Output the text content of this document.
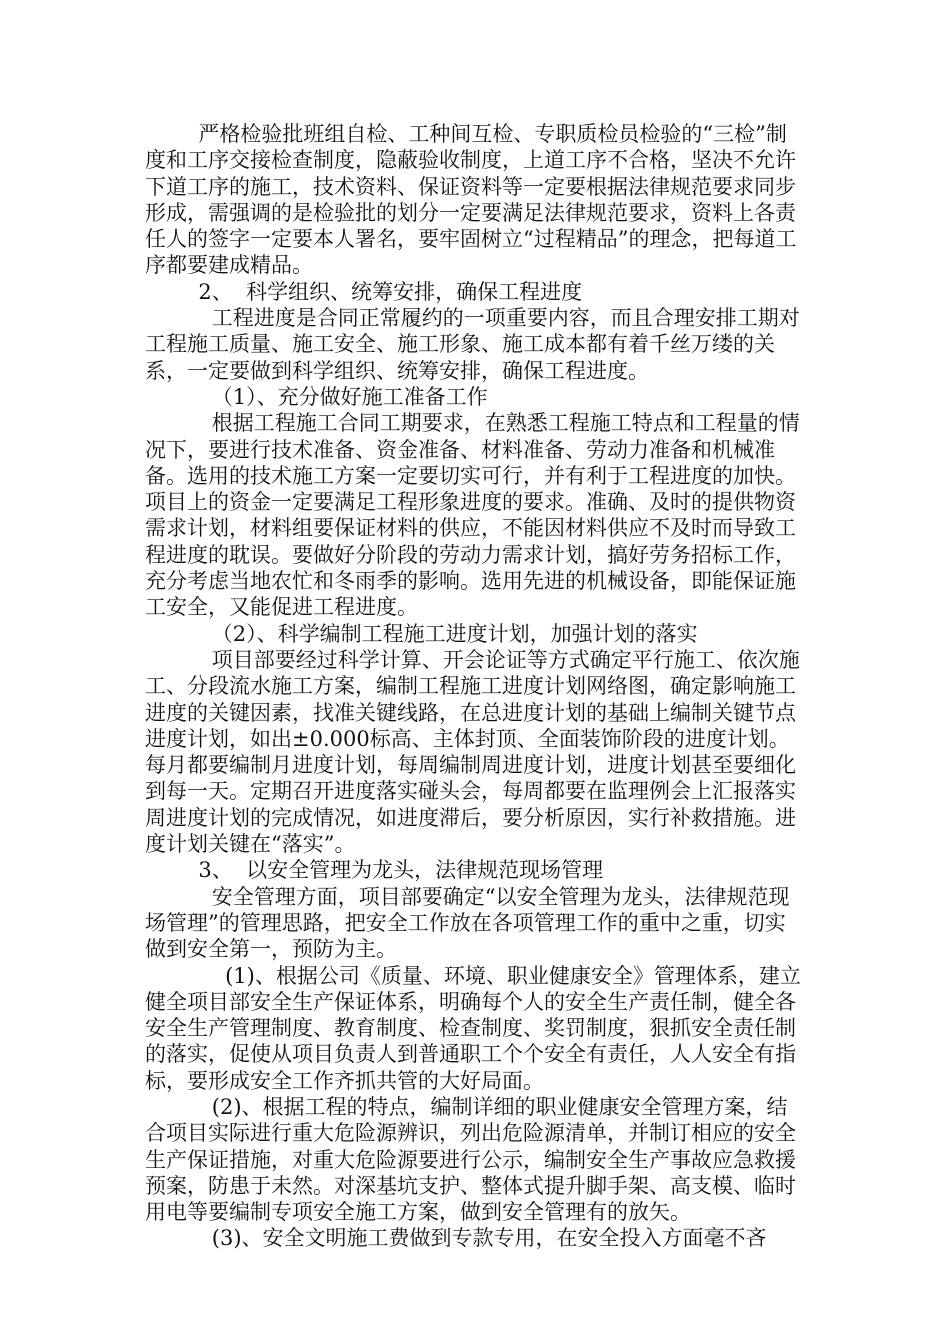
严格检验批班组自检、工种间互检、专职质检员检验的“三检”制度和工序交接检查制度，隐蔽验收制度，上道工序不合格，坚决不允许下道工序的施工，技术资料、保证资料等一定要根据法律规范要求同步形成，需强调的是检验批的划分一定要满足法律规范要求，资料上各责任人的签字一定要本人署名，要牢固树立“过程精品”的理念，把每道工序都要建成精品。

2、  科学组织、统筹安排，确保工程进度

工程进度是合同正常履约的一项重要内容，而且合理安排工期对工程施工质量、施工安全、施工形象、施工成本都有着千丝万缕的关系，一定要做到科学组织、统筹安排，确保工程进度。

（1）、充分做好施工准备工作

根据工程施工合同工期要求，在熟悉工程施工特点和工程量的情况下，要进行技术准备、资金准备、材料准备、劳动力准备和机械准备。选用的技术施工方案一定要切实可行，并有利于工程进度的加快。项目上的资金一定要满足工程形象进度的要求。准确、及时的提供物资需求计划，材料组要保证材料的供应，不能因材料供应不及时而导致工程进度的耽误。要做好分阶段的劳动力需求计划，搞好劳务招标工作，充分考虑当地农忙和冬雨季的影响。选用先进的机械设备，即能保证施工安全，又能促进工程进度。

（2）、科学编制工程施工进度计划，加强计划的落实

项目部要经过科学计算、开会论证等方式确定平行施工、依次施工、分段流水施工方案，编制工程施工进度计划网络图，确定影响施工进度的关键因素，找准关键线路，在总进度计划的基础上编制关键节点进度计划，如出±0.000标高、主体封顶、全面装饰阶段的进度计划。每月都要编制月进度计划，每周编制周进度计划，进度计划甚至要细化到每一天。定期召开进度落实碰头会，每周都要在监理例会上汇报落实周进度计划的完成情况，如进度滞后，要分析原因，实行补救措施。进度计划关键在“落实”。

3、  以安全管理为龙头，法律规范现场管理

安全管理方面，项目部要确定“以安全管理为龙头，法律规范现场管理”的管理思路，把安全工作放在各项管理工作的重中之重，切实做到安全第一，预防为主。

(1)、根据公司《质量、环境、职业健康安全》管理体系，建立健全项目部安全生产保证体系，明确每个人的安全生产责任制，健全各安全生产管理制度、教育制度、检查制度、奖罚制度，狠抓安全责任制的落实，促使从项目负责人到普通职工个个安全有责任，人人安全有指标，要形成安全工作齐抓共管的大好局面。

(2)、根据工程的特点，编制详细的职业健康安全管理方案，结合项目实际进行重大危险源辨识，列出危险源清单，并制订相应的安全生产保证措施，对重大危险源要进行公示，编制安全生产事故应急救援预案，防患于未然。对深基坑支护、整体式提升脚手架、高支模、临时用电等要编制专项安全施工方案，做到安全管理有的放矢。

(3)、安全文明施工费做到专款专用，在安全投入方面毫不吝
